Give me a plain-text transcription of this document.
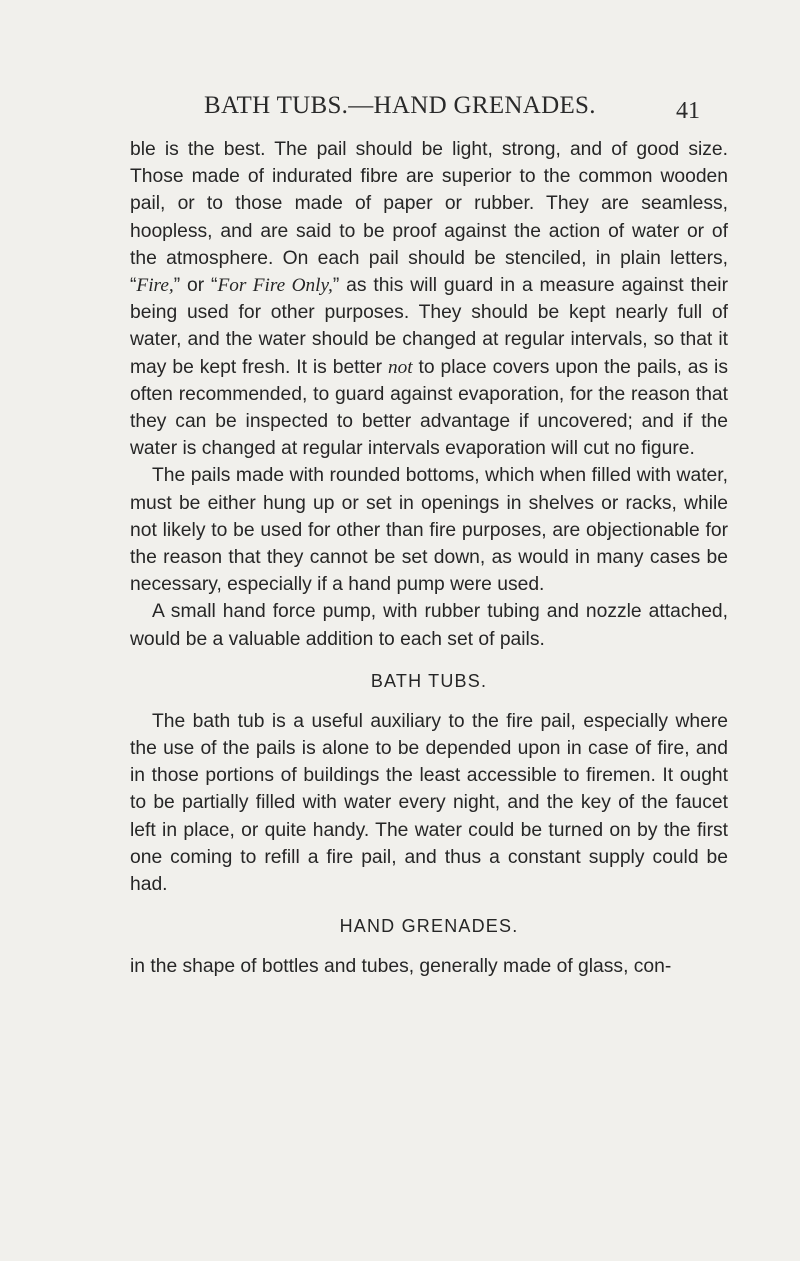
BATH TUBS.—HAND GRENADES.	41

ble is the best. The pail should be light, strong, and of good size. Those made of indurated fibre are superior to the common wooden pail, or to those made of paper or rubber. They are seamless, hoopless, and are said to be proof against the action of water or of the atmosphere. On each pail should be stenciled, in plain letters, “Fire,” or “For Fire Only,” as this will guard in a measure against their being used for other purposes. They should be kept nearly full of water, and the water should be changed at regular intervals, so that it may be kept fresh. It is better not to place covers upon the pails, as is often recommended, to guard against evaporation, for the reason that they can be inspected to better advantage if uncovered; and if the water is changed at regular intervals evaporation will cut no figure.

The pails made with rounded bottoms, which when filled with water, must be either hung up or set in openings in shelves or racks, while not likely to be used for other than fire purposes, are objectionable for the reason that they cannot be set down, as would in many cases be necessary, especially if a hand pump were used.

A small hand force pump, with rubber tubing and nozzle attached, would be a valuable addition to each set of pails.

BATH TUBS.

The bath tub is a useful auxiliary to the fire pail, especially where the use of the pails is alone to be depended upon in case of fire, and in those portions of buildings the least accessible to firemen. It ought to be partially filled with water every night, and the key of the faucet left in place, or quite handy. The water could be turned on by the first one coming to refill a fire pail, and thus a constant supply could be had.

HAND GRENADES.

in the shape of bottles and tubes, generally made of glass, con-
